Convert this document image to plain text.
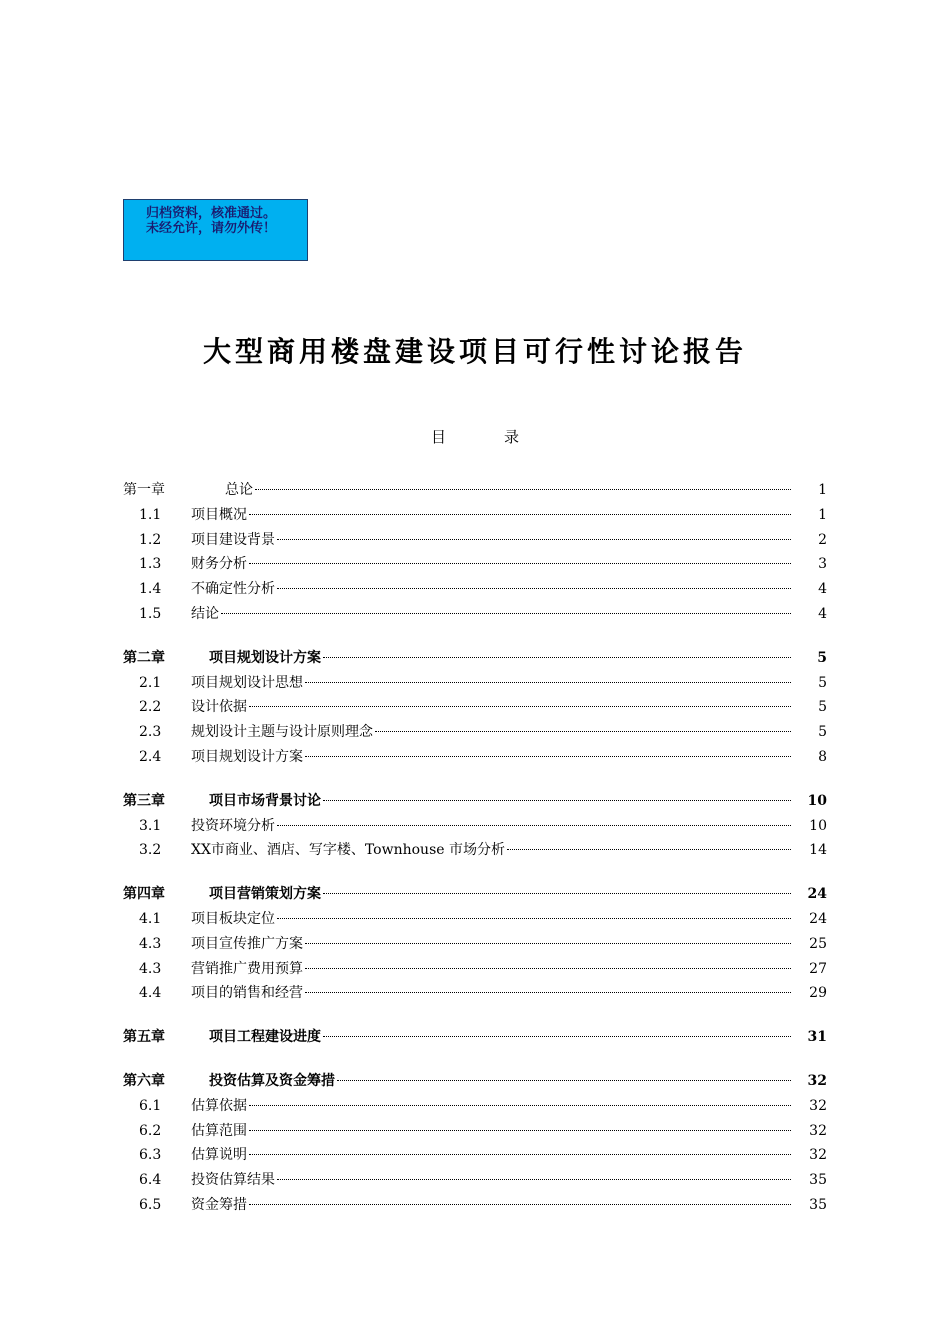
归档资料，核准通过。
未经允许，请勿外传！
大型商用楼盘建设项目可行性讨论报告
目	录
第一章	总论	1
1.1	项目概况	1
1.2	项目建设背景	2
1.3	财务分析	3
1.4	不确定性分析	4
1.5	结论	4
第二章	项目规划设计方案	5
2.1	项目规划设计思想	5
2.2	设计依据	5
2.3	规划设计主题与设计原则理念	5
2.4	项目规划设计方案	8
第三章	项目市场背景讨论	10
3.1	投资环境分析	10
3.2	XX市商业、酒店、写字楼、Townhouse 市场分析	14
第四章	项目营销策划方案	24
4.1	项目板块定位	24
4.3	项目宣传推广方案	25
4.3	营销推广费用预算	27
4.4	项目的销售和经营	29
第五章	项目工程建设进度	31
第六章	投资估算及资金筹措	32
6.1	估算依据	32
6.2	估算范围	32
6.3	估算说明	32
6.4	投资估算结果	35
6.5	资金筹措	35
